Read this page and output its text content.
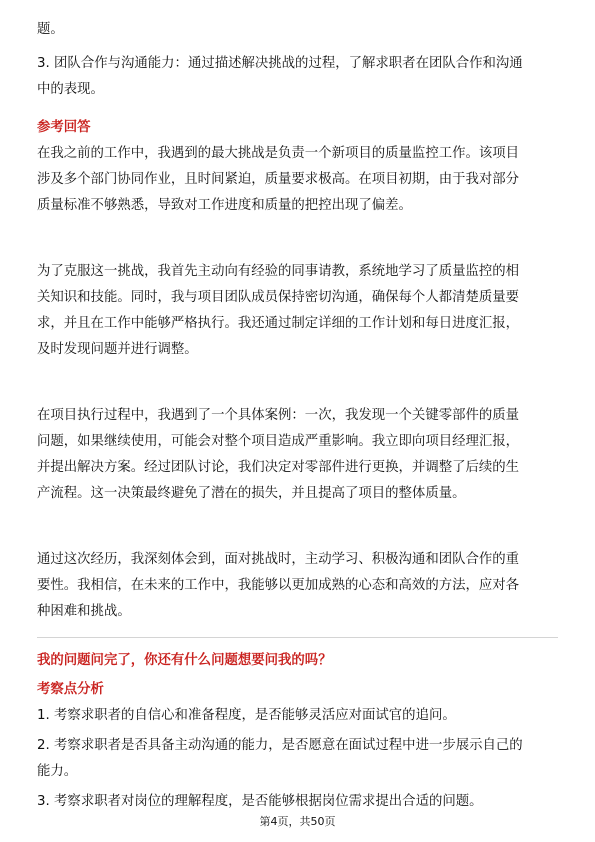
题。
3. 团队合作与沟通能力：通过描述解决挑战的过程，了解求职者在团队合作和沟通
中的表现。
参考回答
在我之前的工作中，我遇到的最大挑战是负责一个新项目的质量监控工作。该项目
涉及多个部门协同作业，且时间紧迫，质量要求极高。在项目初期，由于我对部分
质量标准不够熟悉，导致对工作进度和质量的把控出现了偏差。
为了克服这一挑战，我首先主动向有经验的同事请教，系统地学习了质量监控的相
关知识和技能。同时，我与项目团队成员保持密切沟通，确保每个人都清楚质量要
求，并且在工作中能够严格执行。我还通过制定详细的工作计划和每日进度汇报，
及时发现问题并进行调整。
在项目执行过程中，我遇到了一个具体案例：一次，我发现一个关键零部件的质量
问题，如果继续使用，可能会对整个项目造成严重影响。我立即向项目经理汇报，
并提出解决方案。经过团队讨论，我们决定对零部件进行更换，并调整了后续的生
产流程。这一决策最终避免了潜在的损失，并且提高了项目的整体质量。
通过这次经历，我深刻体会到，面对挑战时，主动学习、积极沟通和团队合作的重
要性。我相信，在未来的工作中，我能够以更加成熟的心态和高效的方法，应对各
种困难和挑战。
我的问题问完了，你还有什么问题想要问我的吗？
考察点分析
1. 考察求职者的自信心和准备程度，是否能够灵活应对面试官的追问。
2. 考察求职者是否具备主动沟通的能力，是否愿意在面试过程中进一步展示自己的
能力。
3. 考察求职者对岗位的理解程度，是否能够根据岗位需求提出合适的问题。
第4页，共50页
